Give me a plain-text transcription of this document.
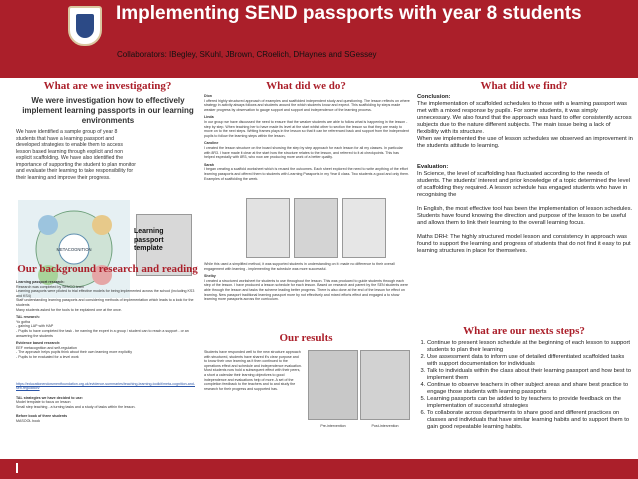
Implementing SEND passports with year 8 students
Collaborators: IBegley, SKuhl, JBrown, CRoelich, DHaynes and SGessey
What are we investigating?
We were investigation how to effectively implement learning passports in our learning environments
We have identified a sample group of year 8 students that have a learning passport and developed strategies to enable them to access lesson based learning through explicit and non explicit scaffolding. We have also identified the importance of supporting the student to plan monitor and evaluate their learning to take responsibility for their learning and improve their progress.
METACOGNITION
Learning passport template
Our background research and reading
Learning passport research:
Research was completed by SENCO team
Learning passports were piloted to trial effective models for being implemented across the school (including KS3 and KS4)
Staff understanding learning passports and considering methods of implementation which leads to a look for the students
Many students asked for the tools to be explained one at the once.
TAL research:
Yo gotha
- gaining LAP with HAP
- Pupils to have completed the task - be naming the expert in a group / student can to reach a support - or an answering the students
Evidence based research:
EEF metacognition and self-regulation
- The approach helps pupils think about their own learning more explicitly
- Pupils to be evaluated for a level work
https://educationendowmentfoundation.org.uk/evidence-summaries/teaching-learning-toolkit/meta-cognition-and-self-regulation/
TAL strategies we have decided to use:
Model template to focus on lesson
Small step teaching - a turning tasks and a study of tasks within the lesson.
Before book of three students
MASOOL book
What did we do?
Dion
I offered highly structured approach of examples and scaffolded independent study and questioning. The lesson reflects on where strategy in activity always follows and students around the which students know and expect. This scaffolding by steps made weaker progress by observation to gauge support and support and independence of the learning process.
Linda
In our group we have discussed the need to ensure that the weaker students are able to follow what is happening in the lesson - step by step. When teaching her to have made its level at the start whilst other to section the lesson so that they are ready to move on to the next steps. Writing frames plays in the lesson so that it can be referenced back and support from the independent pupils to follow the learning steps within the lesson.
Caroline
I created the lesson structure on the board showing the step by step approach for each lesson for all my classes. In particular with 8R3. I have made it clear at the start how the structure relates to the lesson, and referred to it at checkpoints. This has helped especially with 8R3, who now are producing more work of a better quality.
Sarah
I began creating a scaffold worksheet which is reused the outcomes. Each sheet explored the need to write anything of the effort learning passports and offered them to students with Learning Passports in my Year 8 class. Two students a good and only them. Examples of scaffolding the week.
While this used a simplified method, it was supported students in understanding on it: made no difference to their overall engagement with learning - implementing the schedule was more successful.
Shelby
I created a structured worksheet for students to use throughout the lesson. This was produced to guide students through each step of the lesson. I have produced a lesson schedule for each lesson. Based on research and parent by the SEN students were able through the lesson and tasks the scheme leading better progress. There is also done at the end of the lesson for effect on learning. New passport traditional learning passport more by not effectively and mixed efforts effect and engaged a to show learning more passports across the curriculum.
Our results
Students have responded well to the new structure approach with structured, students have shared it's clear purpose and to know their own learning as it then continued to the operations effect and schedule and independence evaluation. Most students now hold a subsequent effect with their peers, a short a calendar their learning objectives to good independence and evaluations help of more. A set of the completion feedback to the teachers and to and study the research for their progress and supported has.
Pre-intervention	Post-intervention
What did we find?
Conclusion:
The implementation of scaffolded schedules to those with a learning passport was met with a mixed response by pupils. For some students, it was simply unnecessary. We also found that the approach was hard to offer consistently across subjects due to the nature different subjects. The main issue being a lack of flexibility with its structure.
When we implemented the use of lesson schedules we observed an improvement in the students attitude to learning.
Evaluation:
In Science, the level of scaffolding has fluctuated according to the needs of students. The students' interest and prior knowledge of a topic determined the level of scaffolding they required. A lesson schedule has engaged students who have in recognising the
In English, the most effective tool has been the implementation of lesson schedules. Students have found knowing the direction and purpose of the lesson to be useful and allows them to link their learning to the overall learning focus.
Maths DRH: The highly structured model lesson and consistency in approach was found to support the learning and progress of students that do not find it easy to put learning structures in place for themselves.
What are our nexts steps?
1. Continue to present lesson schedule at the beginning of each lesson to support students to plan their learning
2. Use assessment data to inform use of detailed differentiated scaffolded tasks with support documentation for individuals
3. Talk to individuals within the class about their learning passport and how best to implement them
4. Continue to observe teachers in other subject areas and share best practice to engage those students with learning passports
5. Learning passports can be added to by teachers to provide feedback on the implementation of successful strategies
6. To collaborate across departments to share good and different practices on classes and individuals that have similar learning habits and to support them to gain good repeatable learning habits.
